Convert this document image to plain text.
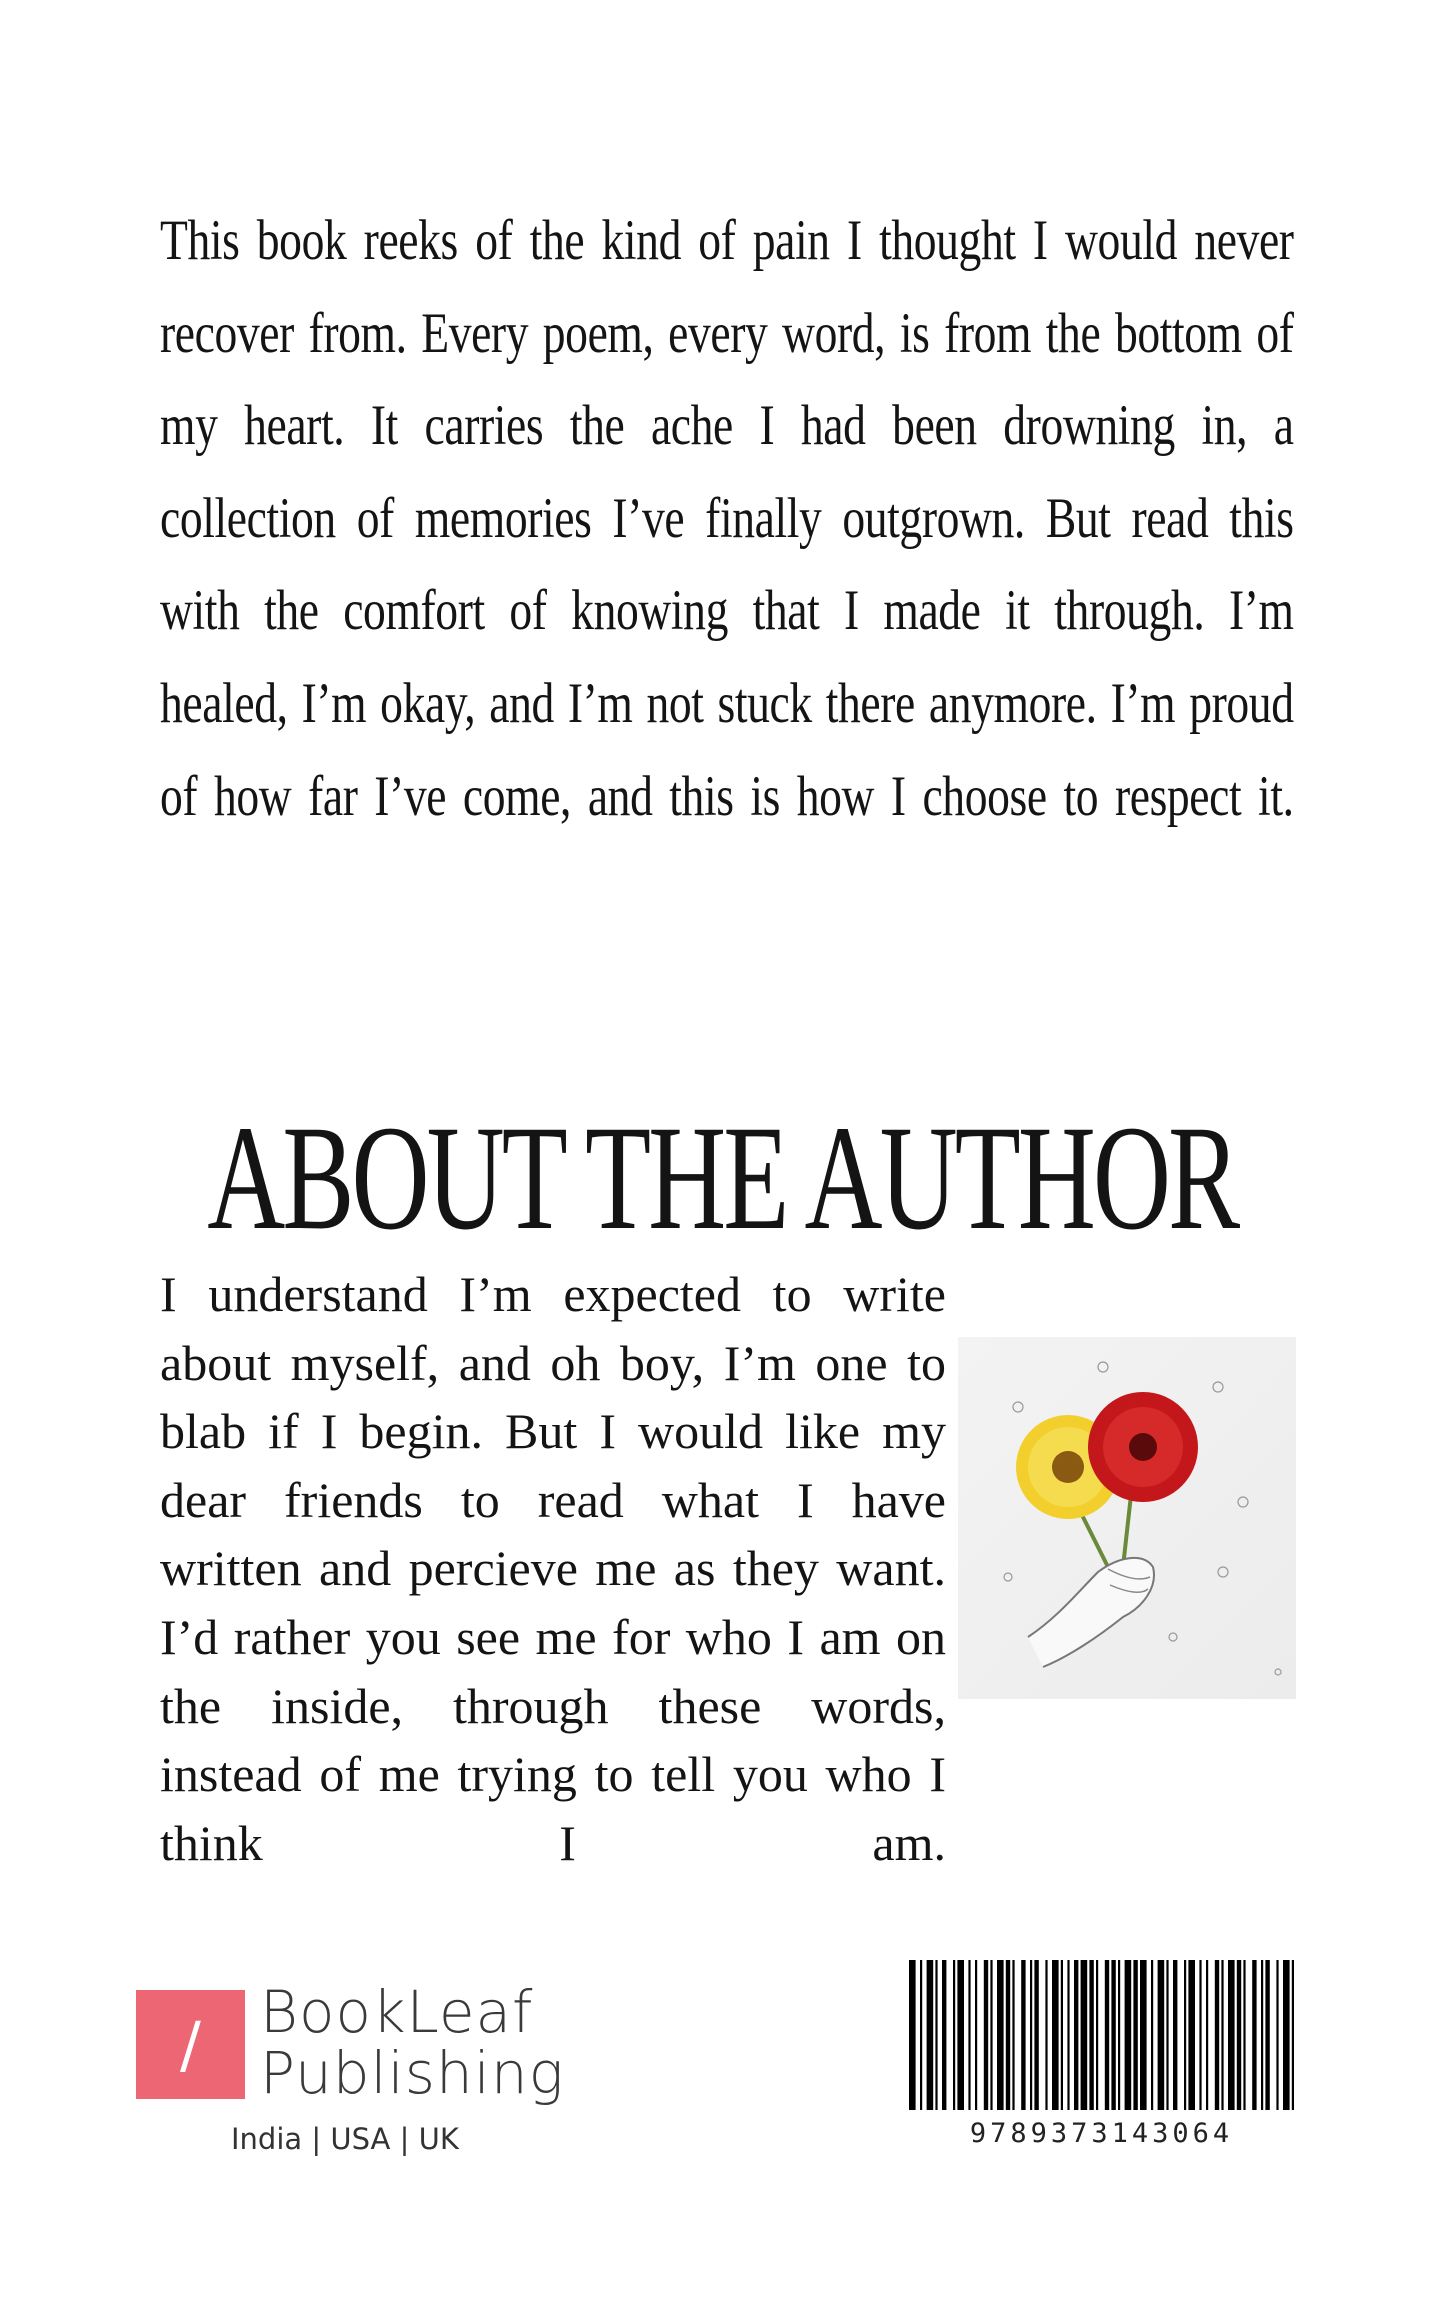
This book reeks of the kind of pain I thought I would never recover from. Every poem, every word, is from the bottom of my heart. It carries the ache I had been drowning in, a collection of memories I’ve finally outgrown. But read this with the comfort of knowing that I made it through. I’m healed, I’m okay, and I’m not stuck there anymore. I’m proud of how far I’ve come, and this is how I choose to respect it.
ABOUT THE AUTHOR
I understand I’m expected to write about myself, and oh boy, I’m one to blab if I begin. But I would like my dear friends to read what I have written and percieve me as they want. I’d rather you see me for who I am on the inside, through these words, instead of me trying to tell you who I think I am.
/	BookLeaf
Publishing
India | USA | UK	9789373143064
